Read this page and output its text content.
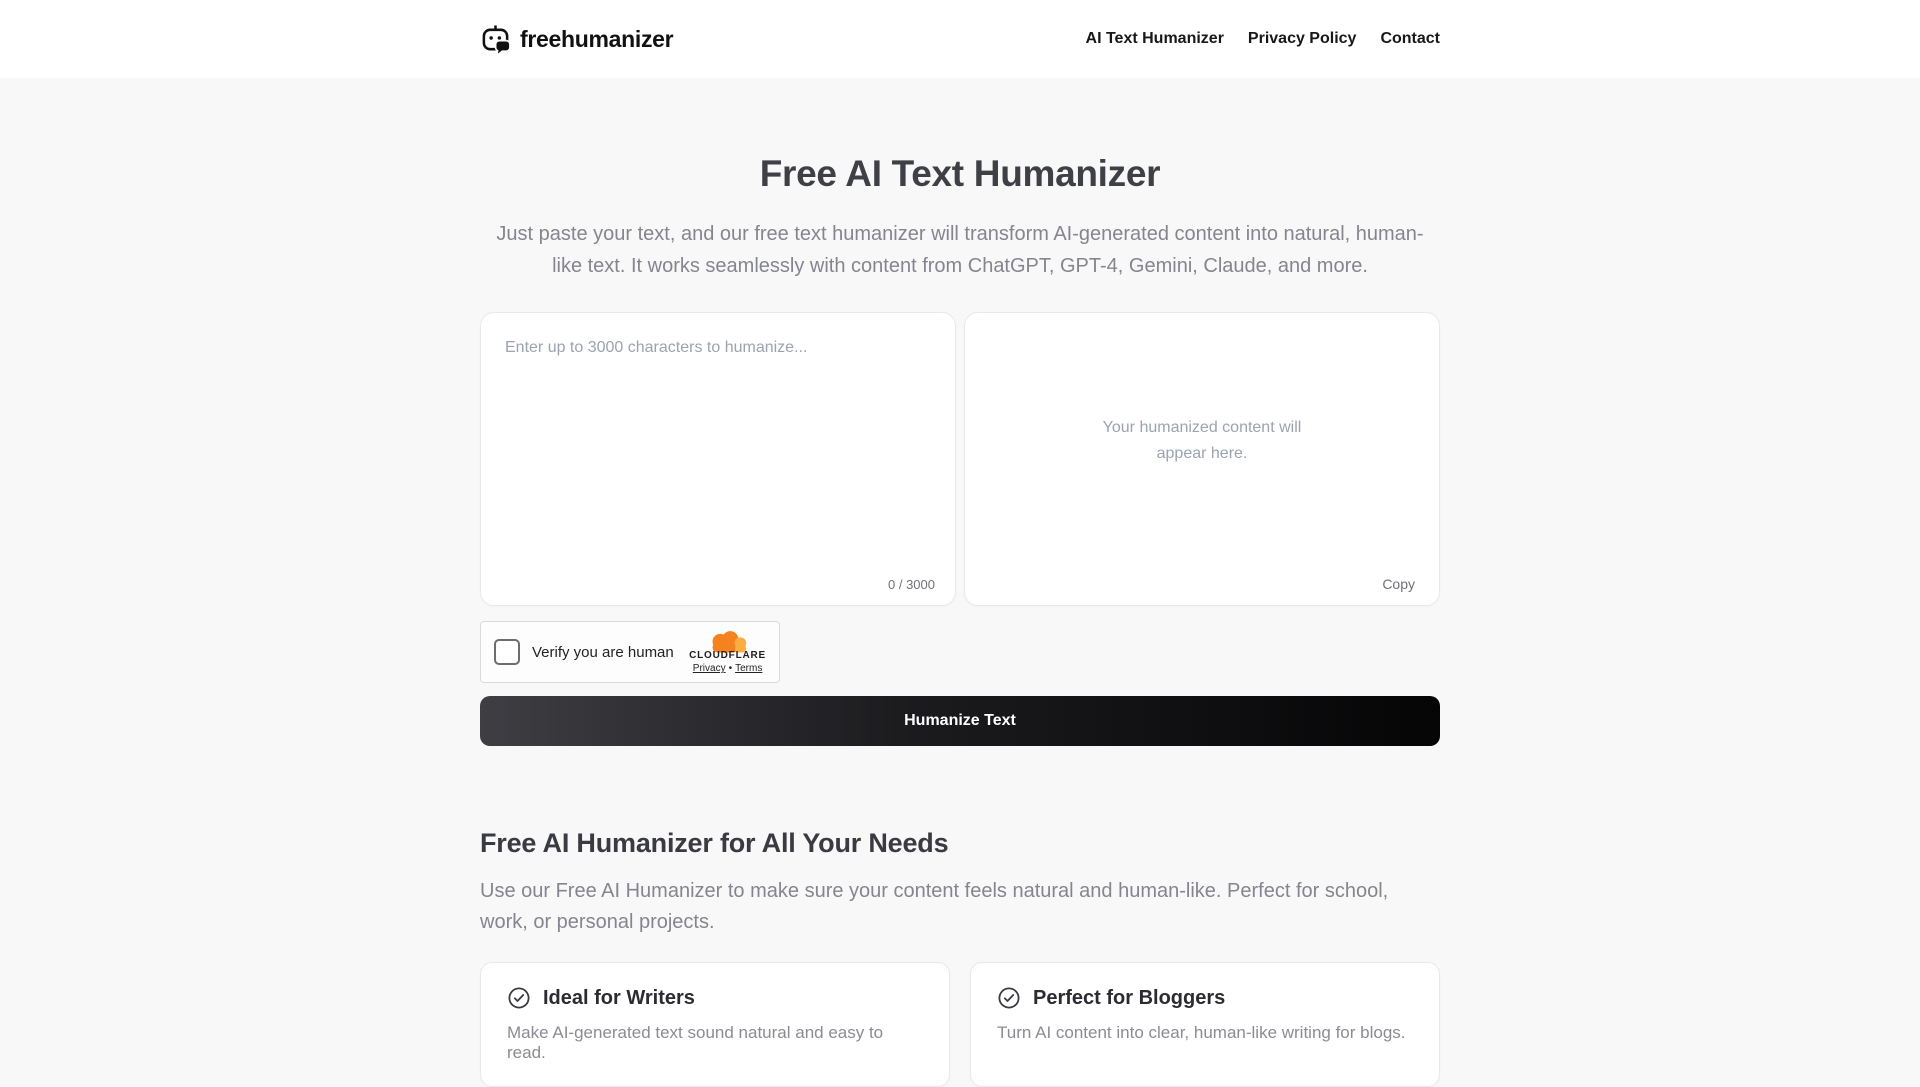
freehumanizer	AI Text Humanizer Privacy Policy Contact
Free AI Text Humanizer

Just paste your text, and our free text humanizer will transform AI-generated content into natural, human-like text. It works seamlessly with content from ChatGPT, GPT-4, Gemini, Claude, and more.

Enter up to 3000 characters to humanize...
0 / 3000
Your humanized content will appear here.
Copy
Verify you are human CLOUDFLARE
Privacy • Terms
Humanize Text
Free AI Humanizer for All Your Needs

Use our Free AI Humanizer to make sure your content feels natural and human-like. Perfect for school, work, or personal projects.

Ideal for Writers

Make AI-generated text sound natural and easy to read.

Perfect for Bloggers

Turn AI content into clear, human-like writing for blogs.
